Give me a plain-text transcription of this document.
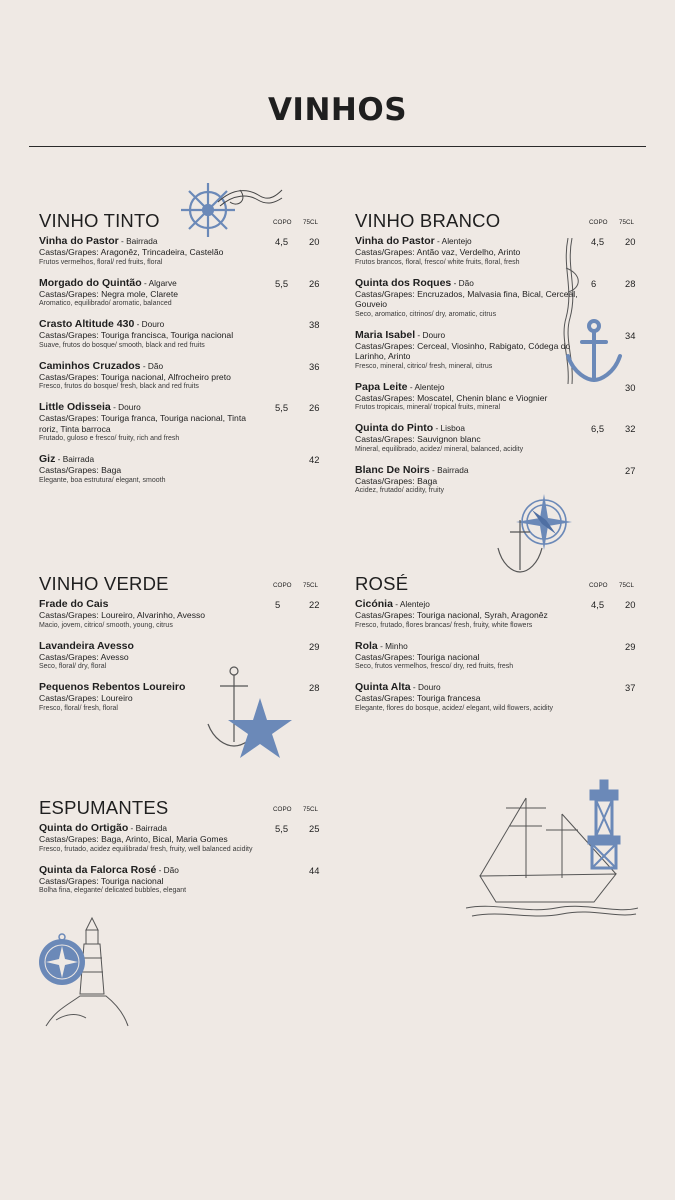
VINHOS
VINHO TINTO	COPO 75CL
Vinha do Pastor - Bairrada
Castas/Grapes: Aragonêz, Trincadeira, Castelão
Frutos vermelhos, floral/ red fruits, floral
4,5 20
Morgado do Quintão - Algarve
Castas/Grapes: Negra mole, Clarete
Aromatico, equilibrado/ aromatic, balanced
5,5 26
Crasto Altitude 430 - Douro
Castas/Grapes: Touriga francisca, Touriga nacional
Suave, frutos do bosque/ smooth, black and red fruits
38
Caminhos Cruzados - Dão
Castas/Grapes: Touriga nacional, Alfrocheiro preto
Fresco, frutos do bosque/ fresh, black and red fruits
36
Little Odisseia - Douro
Castas/Grapes: Touriga franca, Touriga nacional, Tinta roriz, Tinta barroca
Frutado, guloso e fresco/ fruity, rich and fresh
5,5 26
Giz - Bairrada
Castas/Grapes: Baga
Elegante, boa estrutura/ elegant, smooth
42
VINHO BRANCO	COPO 75CL
Vinha do Pastor - Alentejo
Castas/Grapes: Antão vaz, Verdelho, Arinto
Frutos brancos, floral, fresco/ white fruits, floral, fresh
4,5 20
Quinta dos Roques - Dão
Castas/Grapes: Encruzados, Malvasia fina, Bical, Cerceal, Gouveio
Seco, aromatico, citrinos/ dry, aromatic, citrus
6	28
Maria Isabel - Douro
Castas/Grapes: Cerceal, Viosinho, Rabigato, Códega do Larinho, Arinto
Fresco, mineral, citrico/ fresh, mineral, citrus
34
Papa Leite - Alentejo
Castas/Grapes: Moscatel, Chenin blanc e Viognier
Frutos tropicais, mineral/ tropical fruits, mineral
30
Quinta do Pinto - Lisboa
Castas/Grapes: Sauvignon blanc
Mineral, equilibrado, acidez/ mineral, balanced, acidity
6,5 32
Blanc De Noirs - Bairrada
Castas/Grapes: Baga
Acidez, frutado/ acidity, fruity
27
VINHO VERDE	COPO 75CL
Frade do Cais
Castas/Grapes: Loureiro, Alvarinho, Avesso
Macio, jovem, citrico/ smooth, young, citrus
5	22
Lavandeira Avesso
Castas/Grapes: Avesso
Seco, floral/ dry, floral
29
Pequenos Rebentos Loureiro
Castas/Grapes: Loureiro
Fresco, floral/ fresh, floral
28
ROSÉ	COPO 75CL
Cicónia - Alentejo
Castas/Grapes: Touriga nacional, Syrah, Aragonêz
Fresco, frutado, flores brancas/ fresh, fruity, white flowers
4,5 20
Rola - Minho
Castas/Grapes: Touriga nacional
Seco, frutos vermelhos, fresco/ dry, red fruits, fresh
29
Quinta Alta - Douro
Castas/Grapes: Touriga francesa
Elegante, flores do bosque, acidez/ elegant, wild flowers, acidity
37
ESPUMANTES	COPO 75CL
Quinta do Ortigão - Bairrada
Castas/Grapes: Baga, Arinto, Bical, Maria Gomes
Fresco, frutado, acidez equilibrada/ fresh, fruity, well balanced acidity
5,5 25
Quinta da Falorca Rosé - Dão
Castas/Grapes: Touriga nacional
Bolha fina, elegante/ delicated bubbles, elegant
44
